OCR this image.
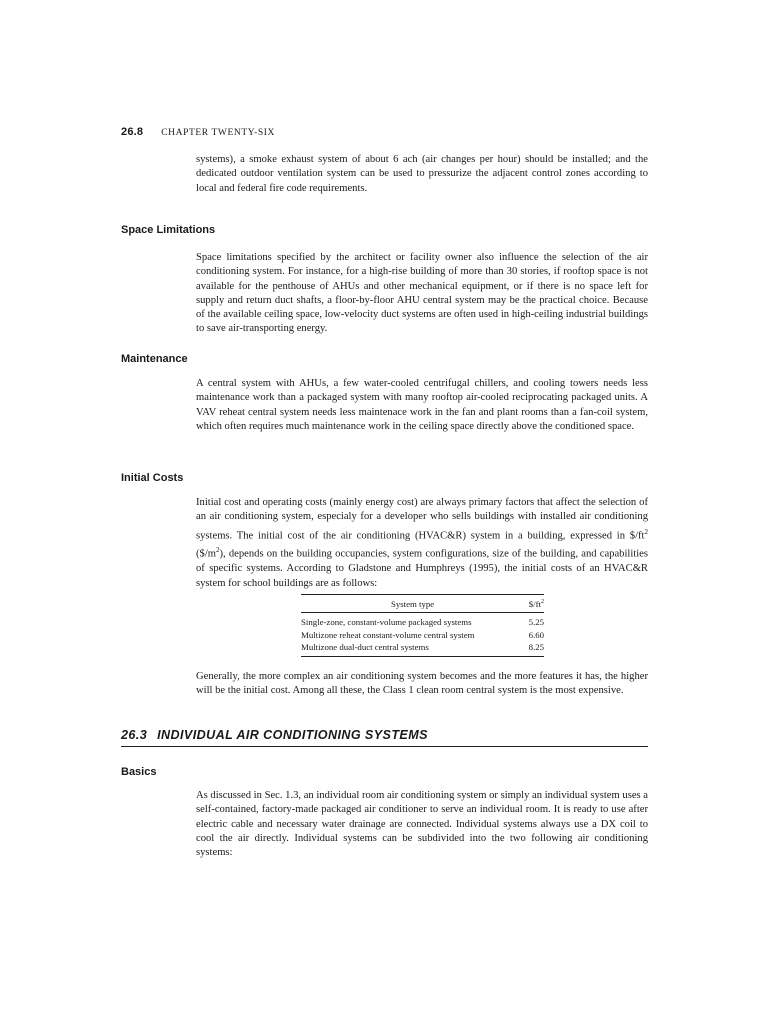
26.8 CHAPTER TWENTY-SIX

systems), a smoke exhaust system of about 6 ach (air changes per hour) should be installed; and the dedicated outdoor ventilation system can be used to pressurize the adjacent control zones according to local and federal fire code requirements.

Space Limitations

Space limitations specified by the architect or facility owner also influence the selection of the air conditioning system. For instance, for a high-rise building of more than 30 stories, if rooftop space is not available for the penthouse of AHUs and other mechanical equipment, or if there is no space left for supply and return duct shafts, a floor-by-floor AHU central system may be the practical choice. Because of the available ceiling space, low-velocity duct systems are often used in high-ceiling industrial buildings to save air-transporting energy.

Maintenance

A central system with AHUs, a few water-cooled centrifugal chillers, and cooling towers needs less maintenance work than a packaged system with many rooftop air-cooled reciprocating packaged units. A VAV reheat central system needs less maintenace work in the fan and plant rooms than a fan-coil system, which often requires much maintenance work in the ceiling space directly above the conditioned space.

Initial Costs

Initial cost and operating costs (mainly energy cost) are always primary factors that affect the selection of an air conditioning system, especialy for a developer who sells buildings with installed air conditioning systems. The initial cost of the air conditioning (HVAC&R) system in a building, expressed in $\$/ft^2$ $(\$/m^2)$, depends on the building occupancies, system configurations, size of the building, and capabilities of specific systems. According to Gladstone and Humphreys (1995), the initial costs of an HVAC&R system for school buildings are as follows:

System type	$\$/ft^2$
Single-zone, constant-volume packaged systems	5.25
Multizone reheat constant-volume central system	6.60
Multizone dual-duct central systems	8.25

Generally, the more complex an air conditioning system becomes and the more features it has, the higher will be the initial cost. Among all these, the Class 1 clean room central system is the most expensive.

26.3 INDIVIDUAL AIR CONDITIONING SYSTEMS
Basics

As discussed in Sec. 1.3, an individual room air conditioning system or simply an individual system uses a self-contained, factory-made packaged air conditioner to serve an individual room. It is ready to use after electric cable and necessary water drainage are connected. Individual systems always use a DX coil to cool the air directly. Individual systems can be subdivided into the two following air conditioning systems:
